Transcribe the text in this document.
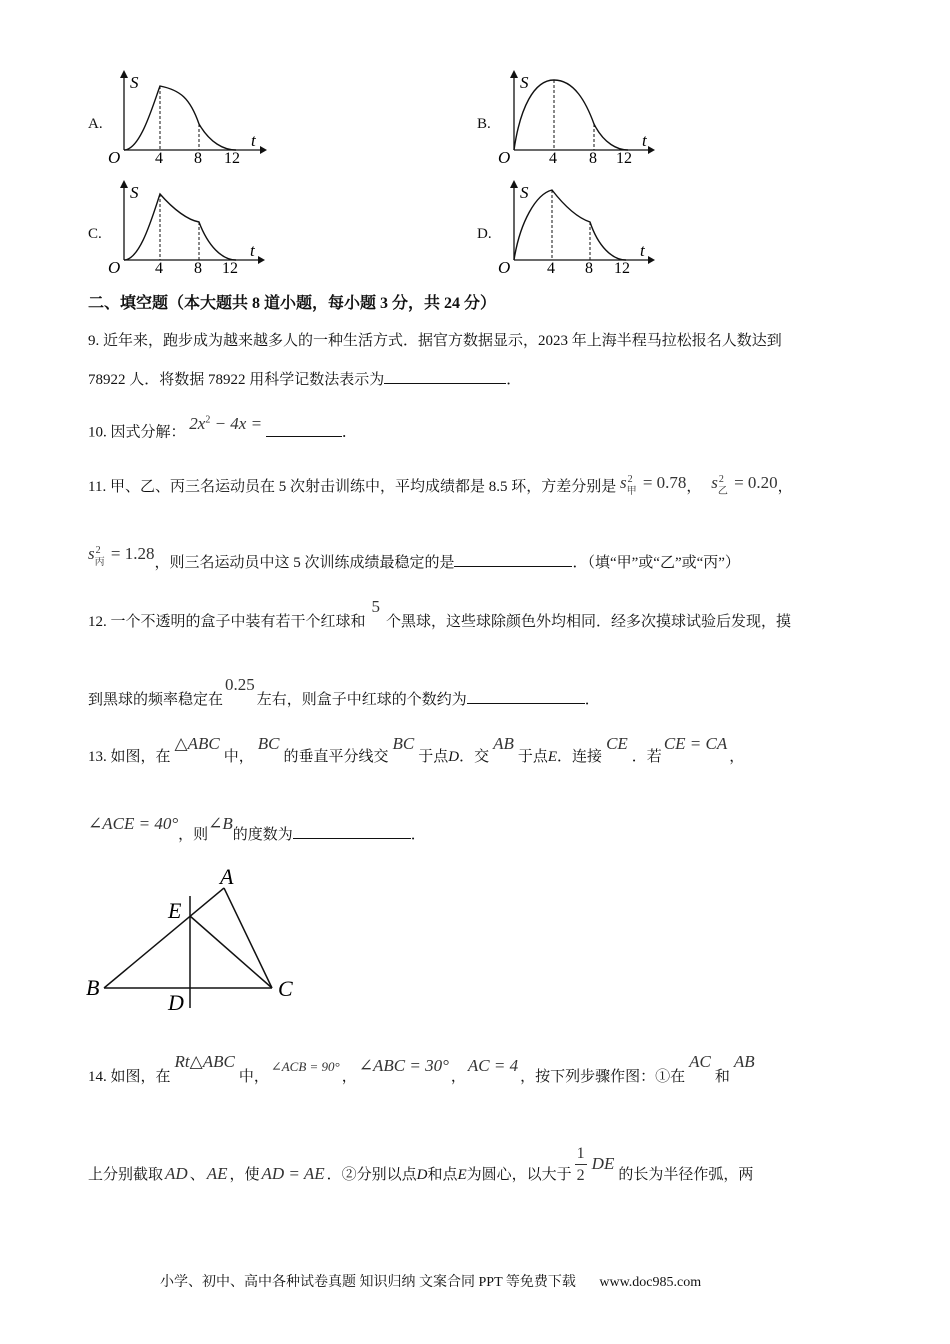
A.
S
t
O 4 8 12
B.
S
t
O 4 8 12
C.
S
t
O 4 8 12
D.
S
t
O 4 8 12
二、填空题（本大题共 8 道小题，每小题 3 分，共 24 分）
9. 近年来，跑步成为越来越多人的一种生活方式．据官方数据显示，2023 年上海半程马拉松报名人数达到
78922 人．将数据 78922 用科学记数法表示为	．
10. 因式分解： $2x^2 - 4x$ =	．
11. 甲、乙、丙三名运动员在 5 次射击训练中，平均成绩都是 8.5 环，方差分别是 s 2
甲 = 0.78， s 2
乙 = 0.20，
s 2
丙 = 1.28，则三名运动员中这 5 次训练成绩最稳定的是	．（填“甲”或“乙”或“丙”）
12. 一个不透明的盒子中装有若干个红球和5个黑球，这些球除颜色外均相同．经多次摸球试验后发现，摸
到黑球的频率稳定在0.25左右，则盒子中红球的个数约为	．
13. 如图，在△ABC中，BC的垂直平分线交BC于点D．交AB于点E．连接CE．若CE = CA，
∠ACE = 40°，则∠B的度数为	．
A
B	C
D
E
14. 如图，在Rt△ABC中，∠ACB = 90°，∠ABC = 30°，AC = 4，按下列步骤作图：①在AC和AB
上分别截取 AD 、 AE ，使 AD = AE ．②分别以点D和点E为圆心，以大于 $\frac{1}{2}$
DE的长为半径作弧，两
小学、初中、高中各种试卷真题 知识归纳 文案合同 PPT 等免费下载 www.doc985.com
